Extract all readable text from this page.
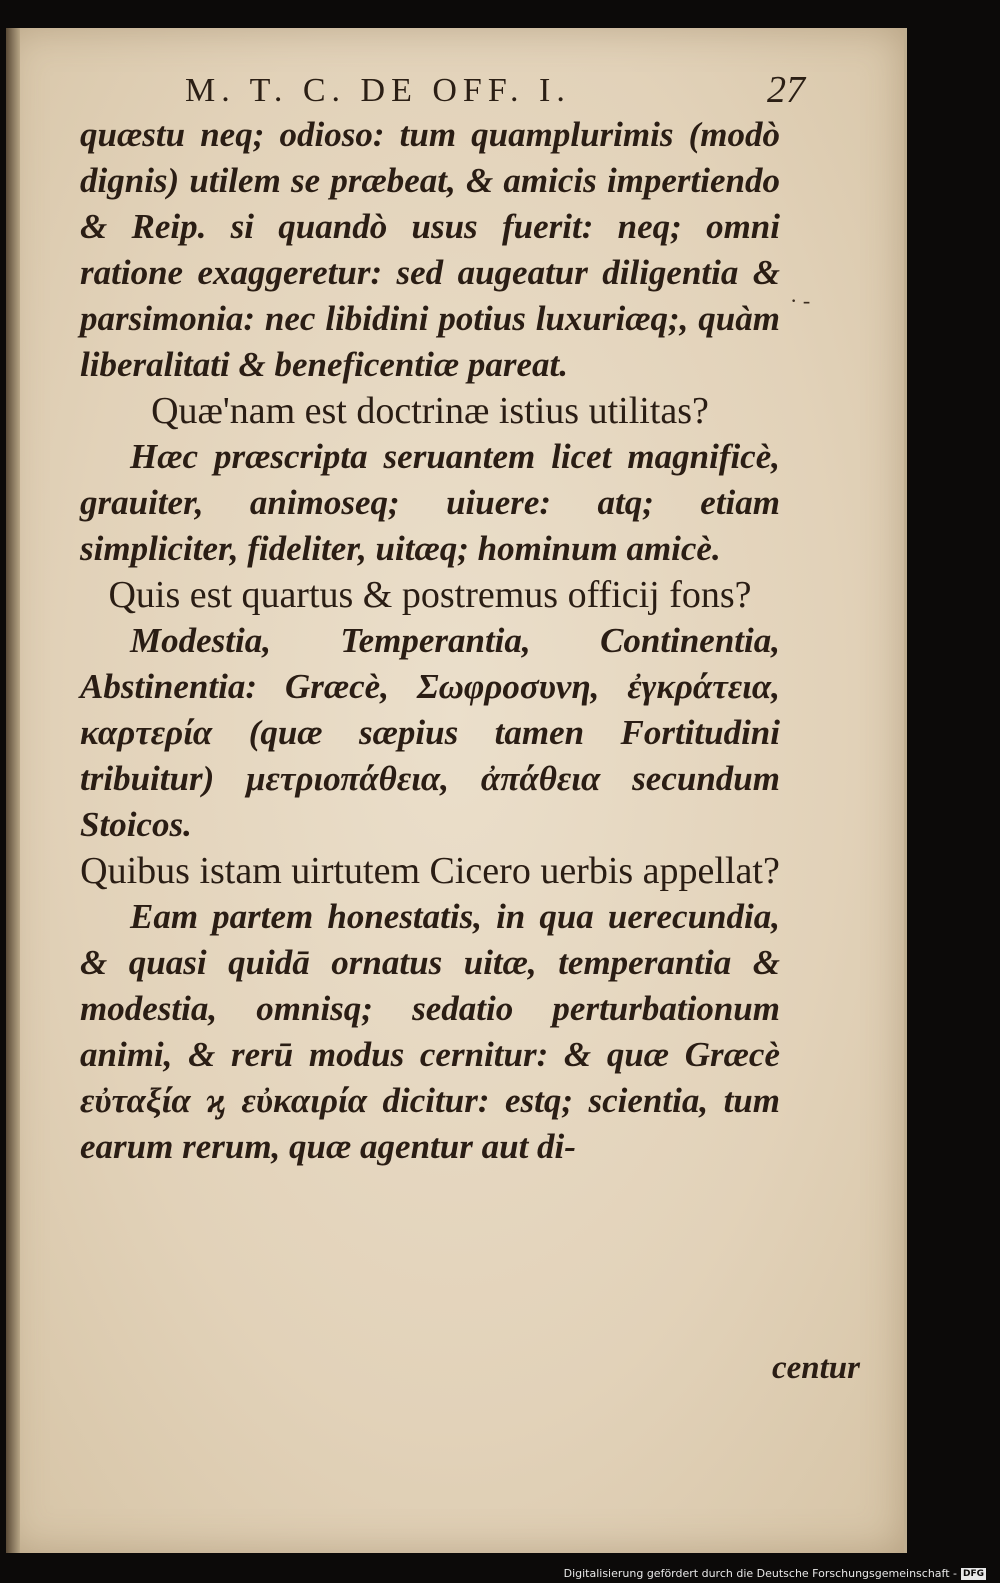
M. T. C. DE OFF. I.	27
· -

quæstu neq; odioso: tum quamplurimis (modò dignis) utilem se præbeat, & amicis impertiendo & Reip. si quandò usus fuerit: neq; omni ratione exaggeretur: sed augeatur diligentia & parsimonia: nec libidini potius luxuriæq;, quàm liberalitati & beneficentiæ pareat.

Quæ'nam est doctrinæ istius utilitas?

Hæc præscripta seruantem licet magnificè, grauiter, animoseq; uiuere: atq; etiam simpliciter, fideliter, uitæq; hominum amicè.

Quis est quartus & postremus officij fons?

Modestia, Temperantia, Continentia, Abstinentia: Græcè, Σωφροσυνη, ἐγκράτεια, καρτερία (quæ sæpius tamen Fortitudini tribuitur) μετριοπάθεια, ἀπάθεια secundum Stoicos.

Quibus istam uirtutem Cicero uerbis appellat?

Eam partem honestatis, in qua uerecundia, & quasi quidā ornatus uitæ, temperantia & modestia, omnisq; sedatio perturbationum animi, & rerū modus cernitur: & quæ Græcè εὐταξία ϗ εὐκαιρία dicitur: estq; scientia, tum earum rerum, quæ agentur aut di-

centur
Digitalisierung gefördert durch die Deutsche Forschungsgemeinschaft - DFG
